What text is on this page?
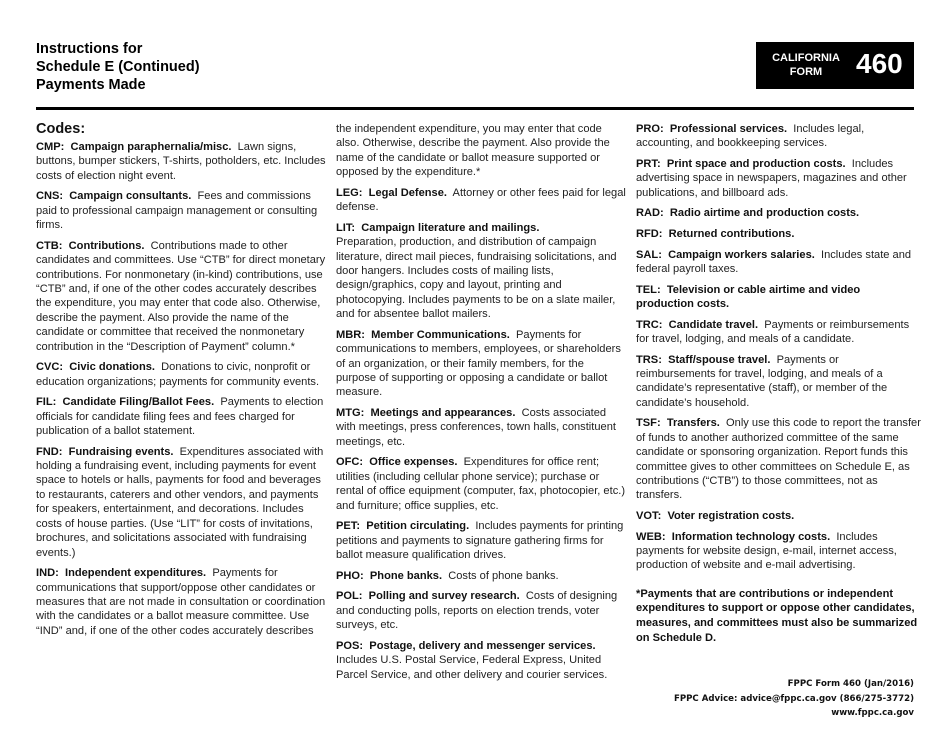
Instructions for
Schedule E (Continued)
Payments Made
CALIFORNIA
FORM	460
Codes:
CMP: Campaign paraphernalia/misc. Lawn signs, buttons, bumper stickers, T-shirts, potholders, etc. Includes costs of election night event.
CNS: Campaign consultants. Fees and commissions paid to professional campaign management or consulting firms.
CTB: Contributions. Contributions made to other candidates and committees. Use “CTB” for direct monetary contributions. For nonmonetary (in-kind) contributions, use “CTB” and, if one of the other codes accurately describes the expenditure, you may enter that code also. Otherwise, describe the payment. Also provide the name of the candidate or committee that received the nonmonetary contribution in the “Description of Payment” column.*
CVC: Civic donations. Donations to civic, nonprofit or education organizations; payments for community events.
FIL: Candidate Filing/Ballot Fees. Payments to election officials for candidate filing fees and fees charged for publication of a ballot statement.
FND: Fundraising events. Expenditures associated with holding a fundraising event, including payments for event space to hotels or halls, payments for food and beverages to restaurants, caterers and other vendors, and payments for speakers, entertainment, and decorations. Includes costs of house parties. (Use “LIT” for costs of invitations, brochures, and solicitations associated with fundraising events.)
IND: Independent expenditures. Payments for communications that support/oppose other candidates or measures that are not made in consultation or coordination with the candidates or a ballot measure committee. Use “IND” and, if one of the other codes accurately describes
the independent expenditure, you may enter that code also. Otherwise, describe the payment. Also provide the name of the candidate or ballot measure supported or opposed by the expenditure.*
LEG: Legal Defense. Attorney or other fees paid for legal defense.
LIT: Campaign literature and mailings.
Preparation, production, and distribution of campaign literature, direct mail pieces, fundraising solicitations, and door hangers. Includes costs of mailing lists, design/graphics, copy and layout, printing and photocopying. Includes payments to be on a slate mailer, and for absentee ballot mailers.
MBR: Member Communications. Payments for communications to members, employees, or shareholders of an organization, or their family members, for the purpose of supporting or opposing a candidate or ballot measure.
MTG: Meetings and appearances. Costs associated with meetings, press conferences, town halls, constituent meetings, etc.
OFC: Office expenses. Expenditures for office rent; utilities (including cellular phone service); purchase or rental of office equipment (computer, fax, photocopier, etc.) and furniture; office supplies, etc.
PET: Petition circulating. Includes payments for printing petitions and payments to signature gathering firms for ballot measure qualification drives.
PHO: Phone banks. Costs of phone banks.
POL: Polling and survey research. Costs of designing and conducting polls, reports on election trends, voter surveys, etc.
POS: Postage, delivery and messenger services.  Includes U.S. Postal Service, Federal Express, United Parcel Service, and other delivery and courier services.
PRO: Professional services. Includes legal, accounting, and bookkeeping services.
PRT: Print space and production costs. Includes advertising space in newspapers, magazines and other publications, and billboard ads.
RAD: Radio airtime and production costs.
RFD: Returned contributions.
SAL: Campaign workers salaries. Includes state and federal payroll taxes.
TEL: Television or cable airtime and video production costs.
TRC: Candidate travel. Payments or reimbursements for travel, lodging, and meals of a candidate.
TRS: Staff/spouse travel. Payments or reimbursements for travel, lodging, and meals of a candidate’s representative (staff), or member of the candidate’s household.
TSF: Transfers. Only use this code to report the transfer of funds to another authorized committee of the same candidate or sponsoring organization. Report funds this committee gives to other committees on Schedule E, as contributions (“CTB”) to those committees, not as transfers.
VOT: Voter registration costs.
WEB: Information technology costs. Includes payments for website design, e-mail, internet access, production of website and e-mail advertising.
*Payments that are contributions or independent expenditures to support or oppose other candidates, measures, and committees must also be summarized on Schedule D.
FPPC Form 460 (Jan/2016)
FPPC Advice: advice@fppc.ca.gov (866/275-3772)
www.fppc.ca.gov
